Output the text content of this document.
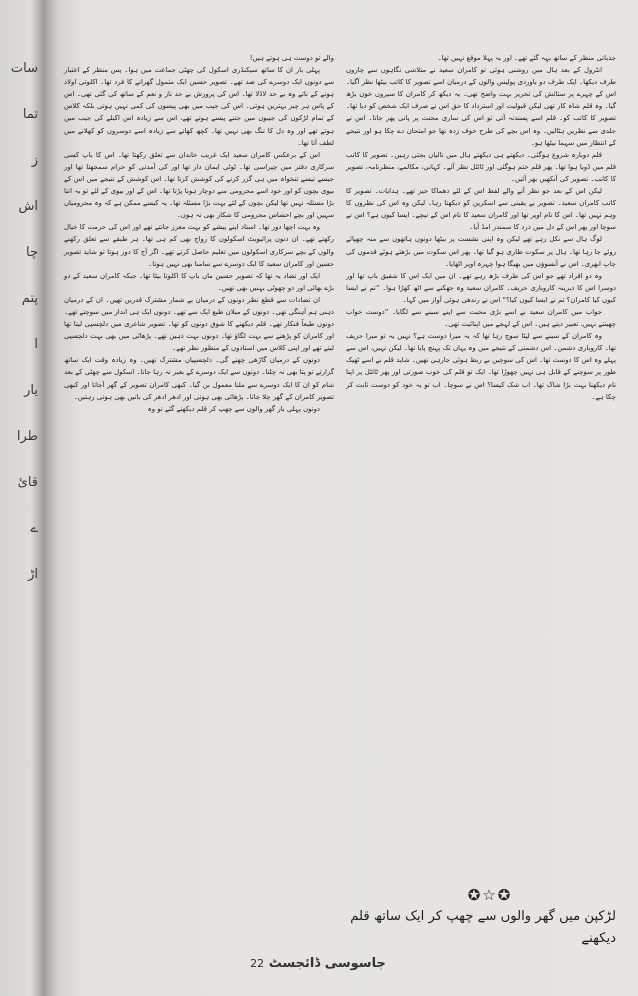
سات
تما
ز
اش
چا
پتم
ا
یار
طرا
قائ
ے
اڑ

جذباتی منظر کے ساتھ بہہ گئے تھے۔ اور یہ پہلا موقع نہیں تھا۔

انٹرول کے بعد ہال میں روشنی ہوئی تو کامران سعید نے متلاشی نگاہوں سے چاروں طرف دیکھا۔ ایک طرف دو باوردی پولیس والوں کے درمیان اسے تصویر کا کاتب بیٹھا نظر آگیا۔ اس کے چہرے پر ستائش کی تحریر بہت واضح تھی۔ یہ دیکھ کر کامران کا سیروں خون بڑھ گیا۔ وہ قلم شاہ کار تھی لیکن قبولیت اور استرداد کا حق اس نے صرف ایک شخص کو دیا تھا۔ تصویر کا کاتب کو۔ قلم اسے پسندنہ آتی تو اس کی ساری محنت پر پانی پھر جاتا۔ اس نے جلدی سے نظریں ہٹالیں۔ وہ اس بچے کی طرح خوف زدہ تھا جو امتحان دے چکا ہو اور نتیجے کے انتظار میں سہما بیٹھا ہو۔

قلم دوبارہ شروع ہوگئی۔ دیکھتے ہی دیکھتے ہال میں تالیاں بجتی رہیں۔ تصویر کا کاتب قلم میں ڈوبا ہوا تھا۔ پھر قلم ختم ہوگئی اور ٹائٹل نظر آئے۔ کہانی، مکالمے، منظرنامہ، تصویر کا کاتب۔ تصویر کی آنکھیں بھر آئیں۔

لیکن اس کے بعد جو نظر آنے والے لفظ اس کے لئے دھماکا خیز تھے۔ ہدایات۔ تصویر کا کاتب کامران سعید۔ تصویر بے یقینی سے اسکرین کو دیکھتا رہا۔ لیکن وہ اس کی نظروں کا وہم نہیں تھا۔ اس کا نام اوپر تھا اور کامران سعید کا نام اس کے نیچے۔ ایسا کیوں ہے؟ اس نے سوچا اور پھر اس کے دل میں درد کا سمندر امڈ آیا۔

لوگ ہال سے نکل رہے تھے لیکن وہ اپنی نشست پر بیٹھا دونوں ہاتھوں سے منہ چھپائے روئے جا رہا تھا۔ ہال پر سکوت طاری ہو گیا تھا۔ پھر اس سکوت میں بڑھتے ہوئے قدموں کی چاپ ابھری۔ اس نے آنسوؤں میں بھیگا ہوا چہرہ اوپر اٹھایا۔

وہ دو افراد تھے جو اس کی طرف بڑھ رہے تھے۔ ان میں ایک اس کا شفیق باپ تھا اور دوسرا اس کا دیرینہ کاروباری حریف۔ کامران سعید وہ جھکنے سے اٹھ کھڑا ہوا۔ ”تم نے ایسا کیوں کیا کامران؟ تم نے ایسا کیوں کیا؟“ اس نے رندھی ہوئی آواز میں کہا۔

جواب میں کامران سعید نے اسے بڑی محبت سے اپنے سینے سے لگایا۔ ”دوست خواب چھینتے نہیں، تعبیر دیتے ہیں۔ اس کے لہجے میں اپنائیت تھی۔

وہ کامران کے سینے سے لپٹا سوچ رہا تھا کہ یہ میرا دوست ہے؟ نہیں یہ تو میرا حریف تھا۔ کاروباری دشمن۔ اس دشمنی کے نتیجے میں وہ یہاں تک پہنچ پایا تھا۔ لیکن نہیں، اس سے پہلے وہ اس کا دوست تھا۔ اس کی سوچیں بے ربط ہوئی جارہی تھیں۔ شاید قلم نے اسے ٹھیک طور پر سوچنے کے قابل ہی نہیں چھوڑا تھا۔ ایک تو قلم کی خوب صورتی اور پھر ٹائٹل پر اپنا نام دیکھنا بہت بڑا شاک تھا۔ اب شک کیسا؟ اس نے سوچا۔ اب تو یہ خود کو دوست ثابت کر چکا ہے۔

والے تو دوست ہی ہوتے ہیں!

پہلی بار ان کا ساتھ سیکنڈری اسکول کی چھٹی جماعت میں ہوا۔ پس منظر کے اعتبار سے دونوں ایک دوسرے کی ضد تھے۔ تصویر حسین ایک متمول گھرانے کا فرد تھا۔ اکلوتی اولاد ہونے کے ناتے وہ بے حد لاڈلا تھا۔ اس کی پرورش بے حد ناز و نعم کے ساتھ کی گئی تھی۔ اس کے پاس ہر چیز بہترین ہوتی۔ اس کی جیب میں بھی پیسوں کی کمی نہیں ہوتی بلکہ کلاس کے تمام لڑکوں کی جیبوں میں جتنے پیسے ہوتے تھے، اس سے زیادہ اس اکیلے کی جیب میں ہوتے تھے اور وہ دل کا تنگ بھی نہیں تھا۔ کچھ کھانے سے زیادہ اسے دوسروں کو کھلانے میں لطف آتا تھا۔

اس کے برعکس کامران سعید ایک غریب خاندان سے تعلق رکھتا تھا۔ اس کا باپ کسی سرکاری دفتر میں چپراسی تھا۔ ٹوٹی ایمان دار تھا اور کی آمدنی کو حرام سمجھتا تھا اور جیسے تیسے تنخواہ میں ہی گزر کرنے کی کوشش کرتا تھا۔ اس کوشش کے نتیجے میں اس کے بیوی بچوں کو اور خود اسے محرومی سے دوچار ہونا پڑتا تھا۔ اس کے اور بیوی کے لئے تو یہ اتنا بڑا مسئلہ نہیں تھا لیکن بچوں کے لئے بہت بڑا مسئلہ تھا۔ یہ کیسے ممکن ہے کہ وہ محرومیاں سہیں اور بچے احساس محرومی کا شکار بھی نہ ہوں۔

وہ بہت اچھا دور تھا۔ استاد اپنے پیشے کو بہت معزز جانتے تھے اور اس کی حرمت کا خیال رکھتے تھے۔ ان دنوں پرائیویٹ اسکولوں کا رواج بھی کم ہی تھا۔ ہر طبقے سے تعلق رکھنے والوں کے بچے سرکاری اسکولوں میں تعلیم حاصل کرتے تھے۔ اگر آج کا دور ہوتا تو شاید تصویر حسین اور کامران سعید کا ایک دوسرے سے سامنا بھی نہیں ہوتا۔

ایک اور تضاد یہ تھا کہ تصویر حسین ماں باپ کا اکلوتا بیٹا تھا۔ جبکہ کامران سعید کے دو بڑے بھائی اور دو چھوٹی بہنیں بھی تھیں۔

ان تضادات سے قطع نظر دونوں کے درمیان بے شمار مشترک قدریں تھیں۔ ان کے درمیان ذہنی ہم آہنگی تھی۔ دونوں کے میلان طبع ایک سے تھے۔ دونوں ایک ہی انداز میں سوچتے تھے۔ دونوں طبعاً فنکار تھے۔ قلم دیکھنے کا شوق دونوں کو تھا۔ تصویر شاعری میں دلچسپی لیتا تھا اور کامران کو پڑھنے سے بہت لگاؤ تھا۔ دونوں بہت ذہین تھے۔ پڑھائی میں بھی بہت دلچسپی لیتے تھے اور اپنی کلاس میں استادوں کے منظور نظر تھے۔

دونوں کے درمیان گاڑھی چھنے گی۔ دلچسپیاں مشترک تھیں۔ وہ زیادہ وقت ایک ساتھ گزارتے تو پتا بھی نہ چلتا۔ دونوں سے ایک دوسرے کے بغیر نہ رہا جاتا۔ اسکول سے چھٹی کے بعد شام کو ان کا ایک دوسرے سے ملنا معمول بن گیا۔ کبھی کامران تصویر کے گھر آجاتا اور کبھی تصویر کامران کے گھر چلا جاتا۔ پڑھائی بھی ہوتی اور ادھر ادھر کی باتیں بھی ہوتی رہتیں۔

دونوں پہلی بار گھر والوں سے چھپ کر قلم دیکھنے گئے تو وہ

✪☆✪
لڑکپن میں گھر والوں سے چھپ کر ایک ساتھ قلم دیکھنے
جاسوسی ڈائجسٹ 22
